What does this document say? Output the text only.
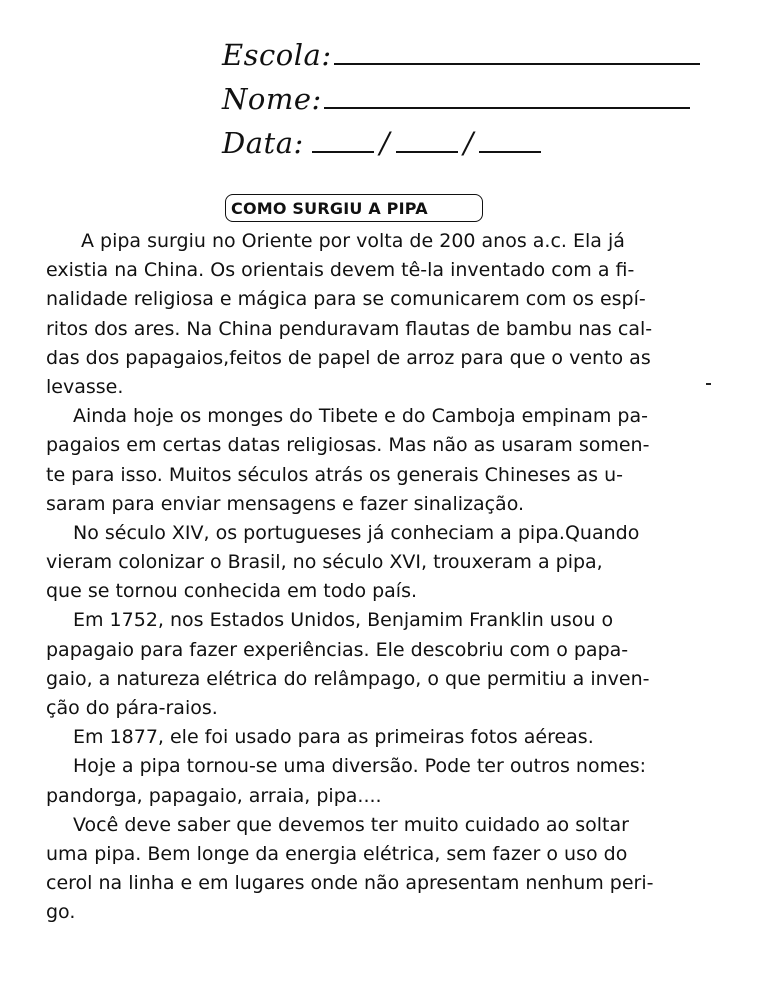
Escola:
Nome:
Data:	/	/
COMO SURGIU A PIPA
A pipa surgiu no Oriente por volta de 200 anos a.c. Ela já
existia na China. Os orientais devem tê-la inventado com a fi-
nalidade religiosa e mágica para se comunicarem com os espí-
ritos dos ares. Na China penduravam flautas de bambu nas cal-
das dos papagaios,feitos de papel de arroz para que o vento as
levasse.
Ainda hoje os monges do Tibete e do Camboja empinam pa-
pagaios em certas datas religiosas. Mas não as usaram somen-
te para isso. Muitos séculos atrás os generais Chineses as u-
saram para enviar mensagens e fazer sinalização.
No século XIV, os portugueses já conheciam a pipa.Quando
vieram colonizar o Brasil, no século XVI, trouxeram a pipa,
que se tornou conhecida em todo país.
Em 1752, nos Estados Unidos, Benjamim Franklin usou o
papagaio para fazer experiências. Ele descobriu com o papa-
gaio, a natureza elétrica do relâmpago, o que permitiu a inven-
ção do pára-raios.
Em 1877, ele foi usado para as primeiras fotos aéreas.
Hoje a pipa tornou-se uma diversão. Pode ter outros nomes:
pandorga, papagaio, arraia, pipa....
Você deve saber que devemos ter muito cuidado ao soltar
uma pipa. Bem longe da energia elétrica, sem fazer o uso do
cerol na linha e em lugares onde não apresentam nenhum peri-
go.
